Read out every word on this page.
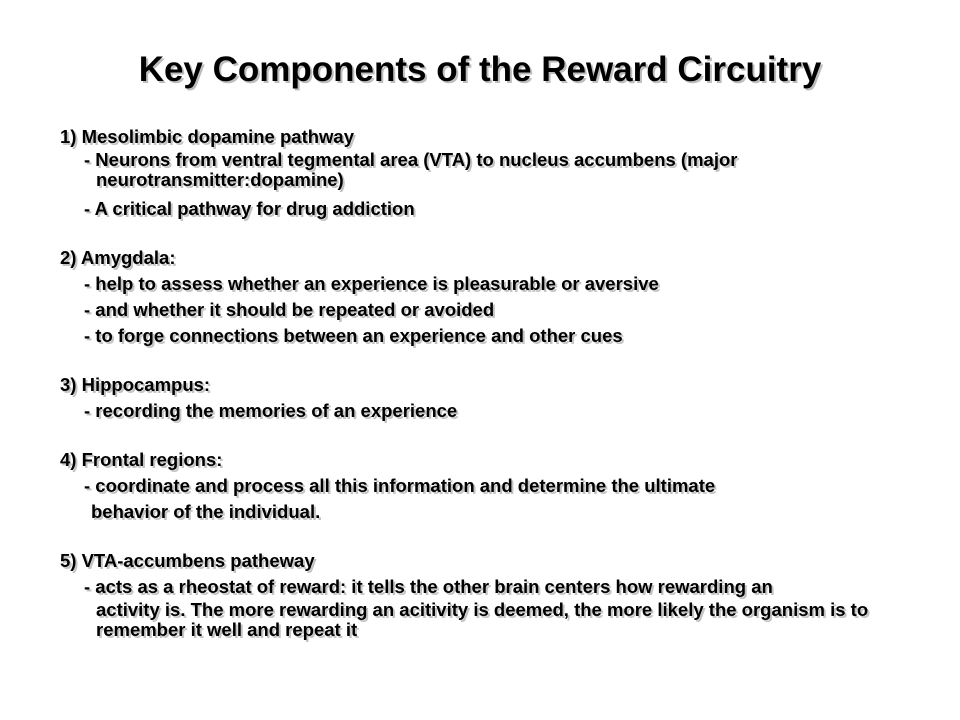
Key Components of the Reward Circuitry
1) Mesolimbic dopamine pathway
- Neurons from ventral tegmental area (VTA) to nucleus accumbens (major neurotransmitter:dopamine)
- A critical pathway for drug addiction
2) Amygdala:
- help to assess whether an experience is pleasurable or aversive
- and whether it should be repeated or avoided
- to forge connections between an experience and other cues
3) Hippocampus:
- recording the memories of an experience
4) Frontal regions:
- coordinate and process all this information and determine the ultimate
behavior of the individual.
5) VTA-accumbens patheway
- acts as a rheostat of reward: it tells the other brain centers how rewarding an
activity is. The more rewarding an acitivity is deemed, the more likely the organism is to remember it well and repeat it
